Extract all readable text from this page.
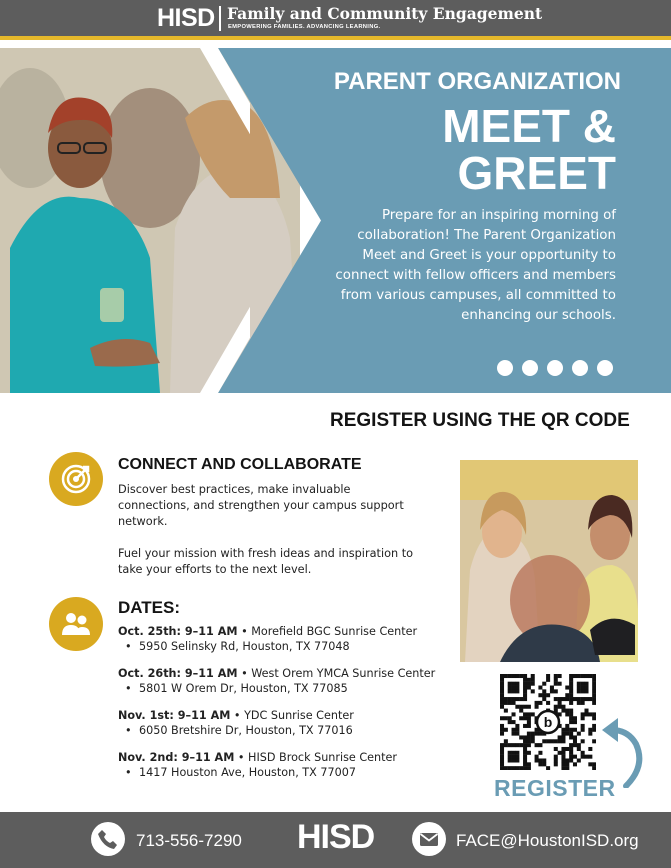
HISD Family and Community Engagement
EMPOWERING FAMILIES. ADVANCING LEARNING.
PARENT ORGANIZATION
MEET &
GREET
Prepare for an inspiring morning of collaboration! The Parent Organization Meet and Greet is your opportunity to connect with fellow officers and members from various campuses, all committed to enhancing our schools.
REGISTER USING THE QR CODE
CONNECT AND COLLABORATE
Discover best practices, make invaluable connections, and strengthen your campus support network.
Fuel your mission with fresh ideas and inspiration to take your efforts to the next level.
DATES:
Oct. 25th: 9–11 AM • Morefield BGC Sunrise Center
• 5950 Selinsky Rd, Houston, TX 77048
Oct. 26th: 9–11 AM • West Orem YMCA Sunrise Center
• 5801 W Orem Dr, Houston, TX 77085
Nov. 1st: 9–11 AM • YDC Sunrise Center
• 6050 Bretshire Dr, Houston, TX 77016
Nov. 2nd: 9–11 AM • HISD Brock Sunrise Center
• 1417 Houston Ave, Houston, TX 77007
b
REGISTER
713-556-7290 HISD	FACE@HoustonISD.org
